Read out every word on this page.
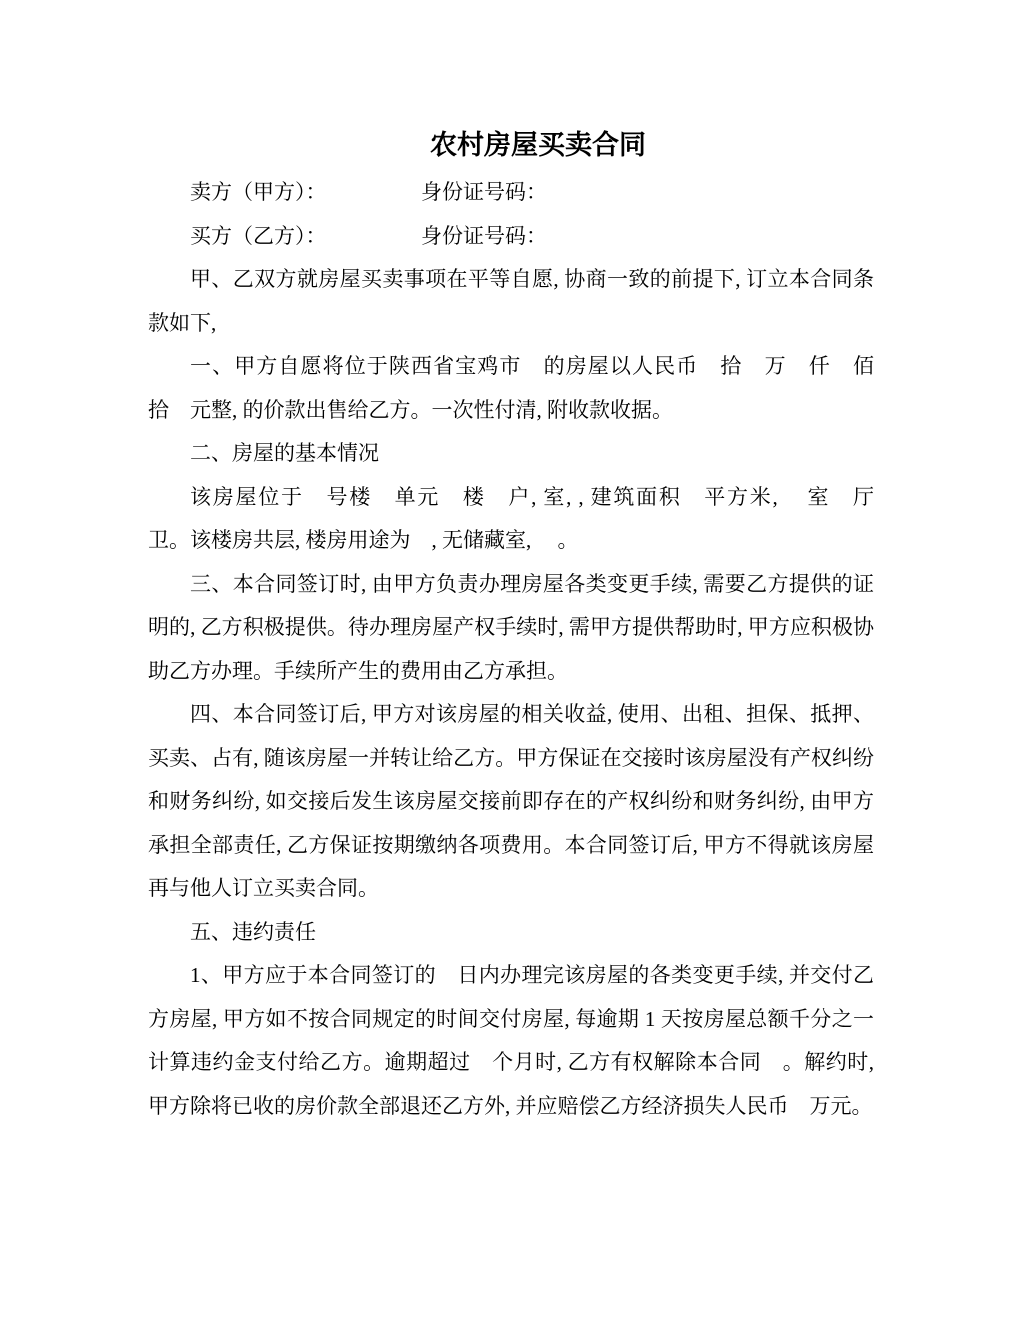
农村房屋买卖合同

卖方（甲方）：　　　　　身份证号码：

买方（乙方）：　　　　　身份证号码：

甲、乙双方就房屋买卖事项在平等自愿, 协商一致的前提下, 订立本合同条款如下,

一、甲方自愿将位于陕西省宝鸡市　的房屋以人民币　拾　万　仟　佰　拾　元整, 的价款出售给乙方。一次性付清, 附收款收据。

二、房屋的基本情况

该房屋位于　号楼　单元　楼　户, 室, , 建筑面积　平方米, 　室　厅　卫。该楼房共层, 楼房用途为　, 无储藏室, 　。

三、本合同签订时, 由甲方负责办理房屋各类变更手续, 需要乙方提供的证明的, 乙方积极提供。待办理房屋产权手续时, 需甲方提供帮助时, 甲方应积极协助乙方办理。手续所产生的费用由乙方承担。

四、本合同签订后, 甲方对该房屋的相关收益, 使用、出租、担保、抵押、买卖、占有, 随该房屋一并转让给乙方。甲方保证在交接时该房屋没有产权纠纷和财务纠纷, 如交接后发生该房屋交接前即存在的产权纠纷和财务纠纷, 由甲方承担全部责任, 乙方保证按期缴纳各项费用。本合同签订后, 甲方不得就该房屋再与他人订立买卖合同。

五、违约责任

1、甲方应于本合同签订的　日内办理完该房屋的各类变更手续, 并交付乙方房屋, 甲方如不按合同规定的时间交付房屋, 每逾期 1 天按房屋总额千分之一计算违约金支付给乙方。逾期超过　个月时, 乙方有权解除本合同　。解约时, 甲方除将已收的房价款全部退还乙方外, 并应赔偿乙方经济损失人民币　万元。
